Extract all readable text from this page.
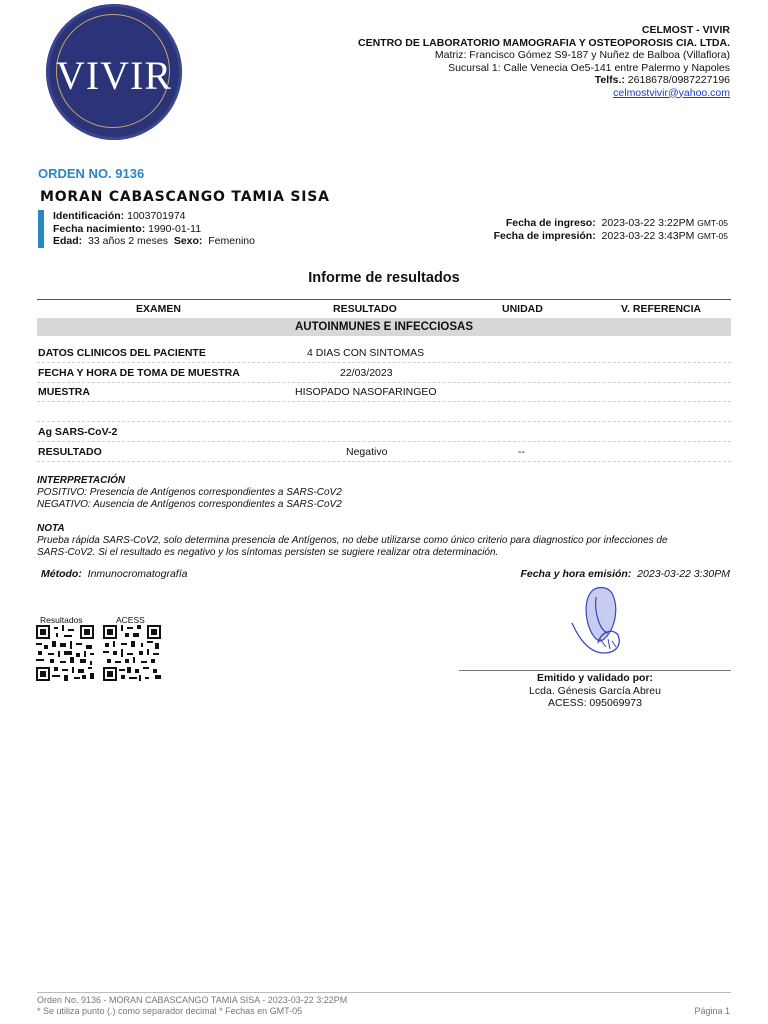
VIVIR
CELMOST - VIVIR
CENTRO DE LABORATORIO MAMOGRAFIA Y OSTEOPOROSIS CIA. LTDA.
Matriz: Francisco Gómez S9-187 y Nuñez de Balboa (Villaflora)
Sucursal 1: Calle Venecia Oe5-141 entre Palermo y Napoles
Telfs.: 2618678/0987227196
celmostvivir@yahoo.com
ORDEN NO. 9136
MORAN CABASCANGO TAMIA SISA
Identificación: 1003701974
Fecha nacimiento: 1990-01-11
Edad: 33 años 2 meses Sexo: Femenino
Fecha de ingreso: 2023-03-22 3:22PM GMT-05
Fecha de impresión: 2023-03-22 3:43PM GMT-05
Informe de resultados
EXAMEN	RESULTADO	UNIDAD	V. REFERENCIA
AUTOINMUNES E INFECCIOSAS
DATOS CLINICOS DEL PACIENTE	4 DIAS CON SINTOMAS
FECHA Y HORA DE TOMA DE MUESTRA	22/03/2023
MUESTRA	HISOPADO NASOFARINGEO
Ag SARS-CoV-2
RESULTADO	Negativo	--
INTERPRETACIÓN
POSITIVO: Presencia de Antígenos correspondientes a SARS-CoV2
NEGATIVO: Ausencia de Antígenos correspondientes a SARS-CoV2
NOTA
Prueba rápida SARS-CoV2, solo determina presencia de Antígenos, no debe utilizarse como único criterio para diagnostico por infecciones de
SARS-CoV2. Si el resultado es negativo y los síntomas persisten se sugiere realizar otra determinación.
Método: Inmunocromatografía	Fecha y hora emisión: 2023-03-22 3:30PM
Resultados	ACESS
Emitido y validado por:
Lcda. Génesis García Abreu
ACESS: 095069973
Orden No. 9136 - MORAN CABASCANGO TAMIA SISA - 2023-03-22 3:22PM
* Se utiliza punto (.) como separador decimal * Fechas en GMT-05	Página 1
